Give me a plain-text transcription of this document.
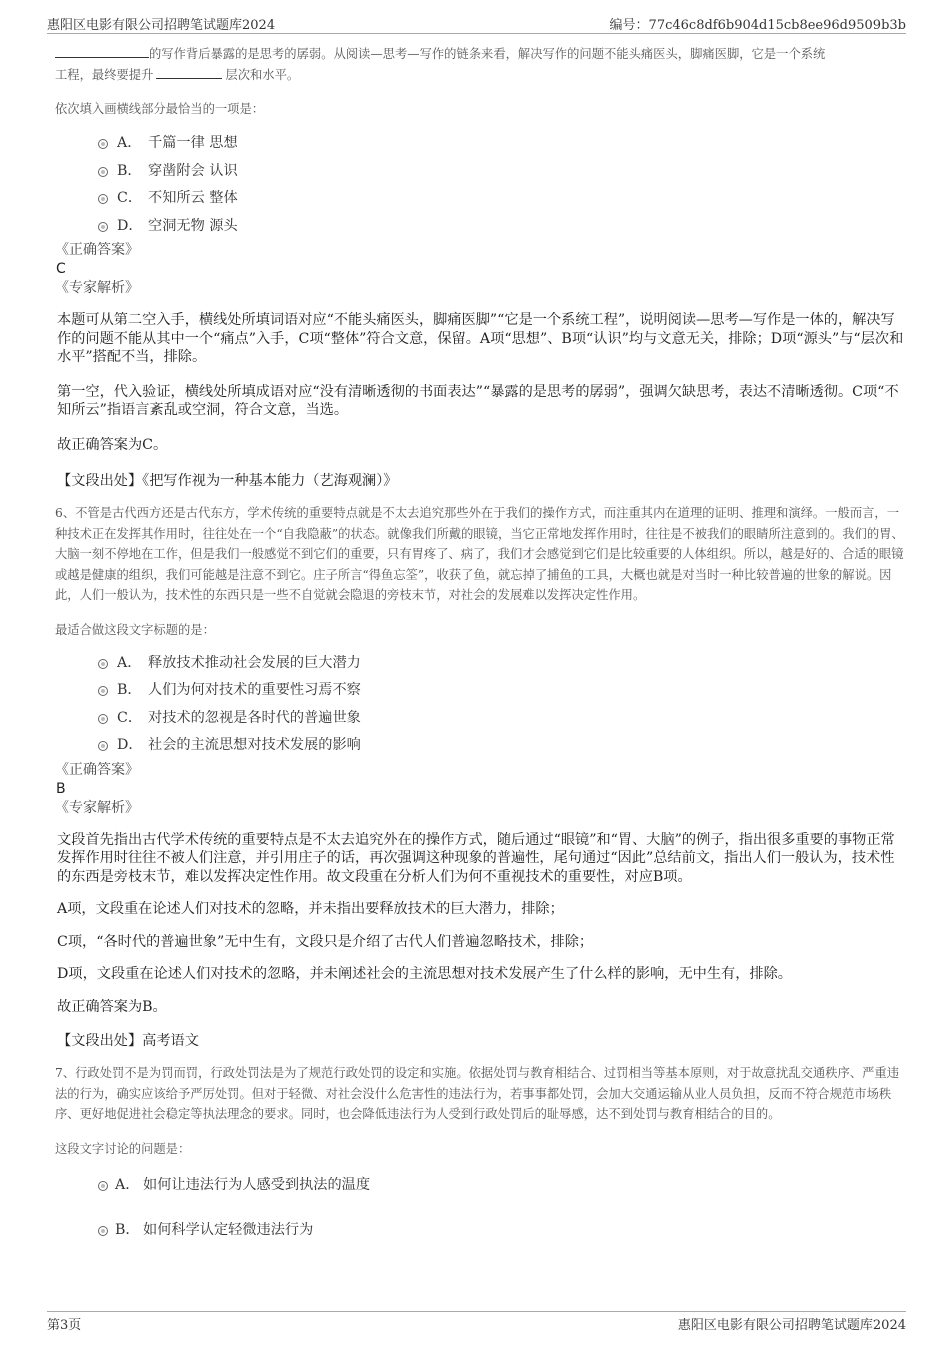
惠阳区电影有限公司招聘笔试题库2024	编号：77c46c8df6b904d15cb8ee96d9509b3b

的写作背后暴露的是思考的孱弱。从阅读—思考—写作的链条来看，解决写作的问题不能头痛医头，脚痛医脚，它是一个系统
工程，最终要提升	层次和水平。

依次填入画横线部分最恰当的一项是：

A． 千篇一律 思想
B． 穿凿附会 认识
C． 不知所云 整体
D． 空洞无物 源头

《正确答案》

C

《专家解析》

本题可从第二空入手，横线处所填词语对应“不能头痛医头，脚痛医脚”“它是一个系统工程”，说明阅读—思考—写作是一体的，解决写作的问题不能从其中一个“痛点”入手，C项“整体”符合文意，保留。A项“思想”、B项“认识”均与文意无关，排除；D项“源头”与“层次和水平”搭配不当，排除。

第一空，代入验证，横线处所填成语对应“没有清晰透彻的书面表达”“暴露的是思考的孱弱”，强调欠缺思考，表达不清晰透彻。C项“不知所云”指语言紊乱或空洞，符合文意，当选。

故正确答案为C。

【文段出处】《把写作视为一种基本能力（艺海观澜）》

6、不管是古代西方还是古代东方，学术传统的重要特点就是不太去追究那些外在于我们的操作方式，而注重其内在道理的证明、推理和演绎。一般而言，一种技术正在发挥其作用时，往往处在一个“自我隐蔽”的状态。就像我们所戴的眼镜，当它正常地发挥作用时，往往是不被我们的眼睛所注意到的。我们的胃、大脑一刻不停地在工作，但是我们一般感觉不到它们的重要，只有胃疼了、病了，我们才会感觉到它们是比较重要的人体组织。所以，越是好的、合适的眼镜或越是健康的组织，我们可能越是注意不到它。庄子所言“得鱼忘筌”，收获了鱼，就忘掉了捕鱼的工具，大概也就是对当时一种比较普遍的世象的解说。因此，人们一般认为，技术性的东西只是一些不自觉就会隐退的旁枝末节，对社会的发展难以发挥决定性作用。

最适合做这段文字标题的是：

A． 释放技术推动社会发展的巨大潜力
B． 人们为何对技术的重要性习焉不察
C． 对技术的忽视是各时代的普遍世象
D． 社会的主流思想对技术发展的影响

《正确答案》

B

《专家解析》

文段首先指出古代学术传统的重要特点是不太去追究外在的操作方式，随后通过“眼镜”和“胃、大脑”的例子，指出很多重要的事物正常发挥作用时往往不被人们注意，并引用庄子的话，再次强调这种现象的普遍性，尾句通过“因此”总结前文，指出人们一般认为，技术性的东西是旁枝末节，难以发挥决定性作用。故文段重在分析人们为何不重视技术的重要性，对应B项。

A项，文段重在论述人们对技术的忽略，并未指出要释放技术的巨大潜力，排除；

C项，“各时代的普遍世象”无中生有，文段只是介绍了古代人们普遍忽略技术，排除；

D项，文段重在论述人们对技术的忽略，并未阐述社会的主流思想对技术发展产生了什么样的影响，无中生有，排除。

故正确答案为B。

【文段出处】高考语文

7、行政处罚不是为罚而罚，行政处罚法是为了规范行政处罚的设定和实施。依据处罚与教育相结合、过罚相当等基本原则，对于故意扰乱交通秩序、严重违法的行为，确实应该给予严厉处罚。但对于轻微、对社会没什么危害性的违法行为，若事事都处罚，会加大交通运输从业人员负担，反而不符合规范市场秩序、更好地促进社会稳定等执法理念的要求。同时，也会降低违法行为人受到行政处罚后的耻辱感，达不到处罚与教育相结合的目的。

这段文字讨论的问题是：

A． 如何让违法行为人感受到执法的温度
B． 如何科学认定轻微违法行为
第3页	惠阳区电影有限公司招聘笔试题库2024
